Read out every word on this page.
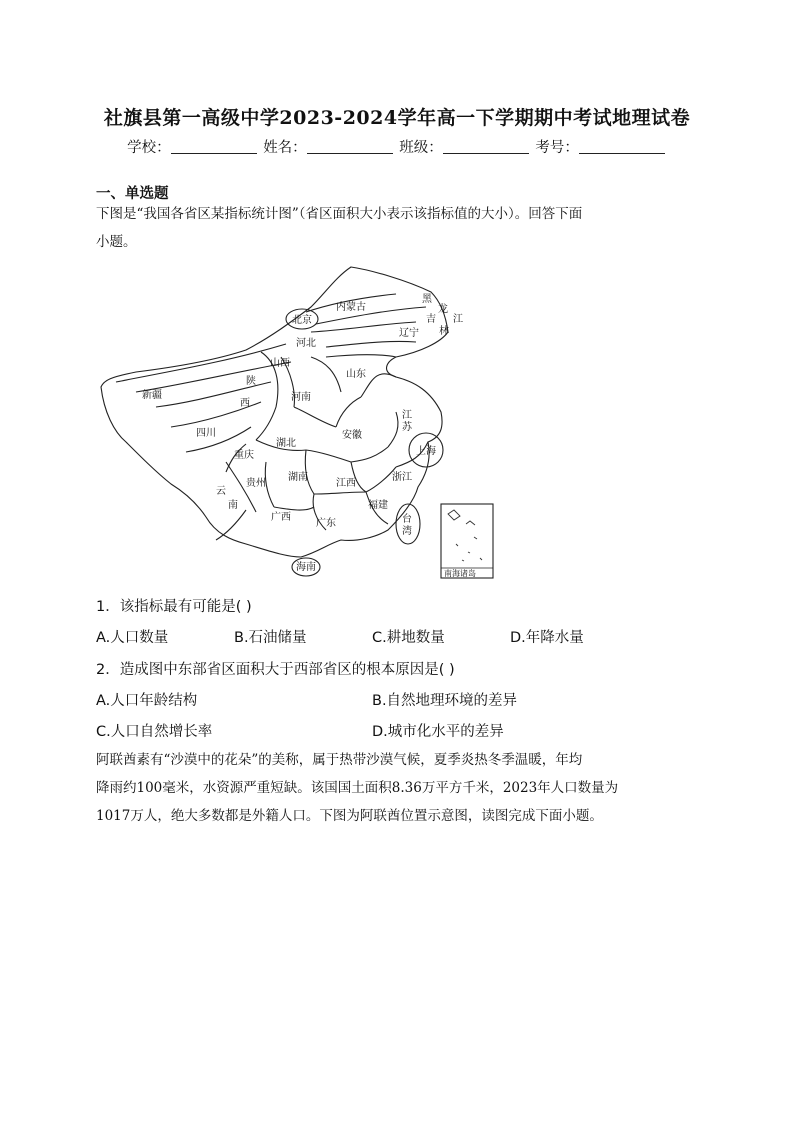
社旗县第一高级中学2023-2024学年高一下学期期中考试地理试卷
学校：	姓名：	班级：	考号：
一、单选题
下图是“我国各省区某指标统计图”（省区面积大小表示该指标值的大小）。回答下面
小题。
南海诸岛
内蒙古
黑
龙
江
吉
林
北京
辽宁
河北
山西
陕
西
山东
新疆	河南
四川
江
苏
安徽
湖北
重庆	上海
贵州
湖南
江西
浙江
云
南	福建
广西
广东	台
湾
海南
1．该指标最有可能是( )
A.人口数量	B.石油储量	C.耕地数量	D.年降水量
2．造成图中东部省区面积大于西部省区的根本原因是( )
A.人口年龄结构	B.自然地理环境的差异
C.人口自然增长率	D.城市化水平的差异
阿联酋素有“沙漠中的花朵”的美称，属于热带沙漠气候，夏季炎热冬季温暖，年均
降雨约100毫米，水资源严重短缺。该国国土面积8.36万平方千米，2023年人口数量为
1017万人，绝大多数都是外籍人口。下图为阿联酋位置示意图，读图完成下面小题。
